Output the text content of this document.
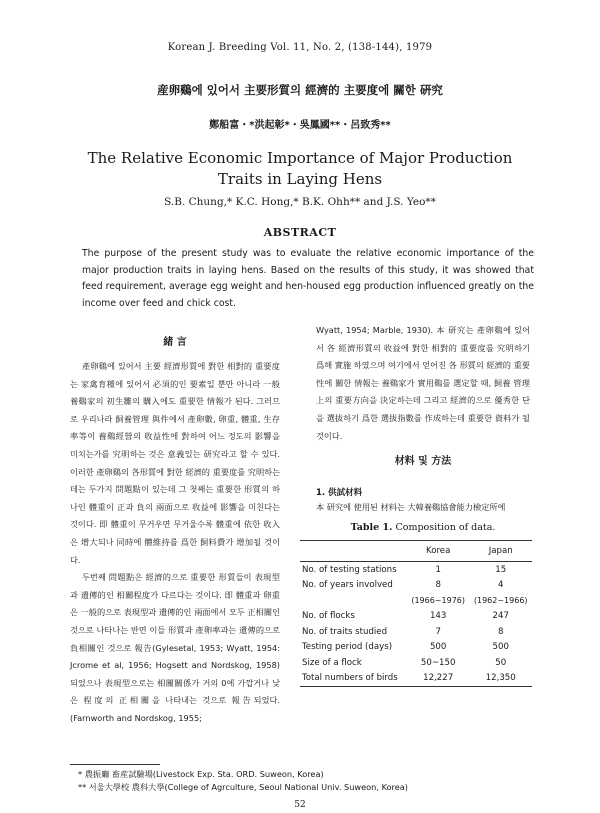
Korean J. Breeding Vol. 11, No. 2, (138-144), 1979
産卵鷄에 있어서 主要形質의 經濟的 主要度에 關한 硏究
鄭船富・*洪起彰*・吳鳳國**・呂致秀**
The Relative Economic Importance of Major Production
Traits in Laying Hens
S.B. Chung,* K.C. Hong,* B.K. Ohh** and J.S. Yeo**
ABSTRACT
The purpose of the present study was to evaluate the relative economic importance of the major production traits in laying hens. Based on the results of this study, it was showed that feed requirement, average egg weight and hen-housed egg production influenced greatly on the income over feed and chick cost.
緒 言

產卵鷄에 있어서 主要 經濟形質에 對한 相對的 重要度는 家禽育種에 있어서 必須的인 要素일 뿐만 아니라 一般養鷄家의 初生雛의 購入에도 重要한 情報가 된다. 그러므로 우리나라 飼養管理 與件에서 產卵數, 卵重, 體重, 生存率等이 養鷄經營의 收益性에 對하여 어느 정도의 影響을 미치는가를 究明하는 것은 意義있는 研究라고 할 수 있다. 이러한 產卵鷄의 各形質에 對한 經濟的 重要度를 究明하는데는 두가지 問題點이 있는데 그 첫째는 重要한 形質의 하나인 體重이 正과 負의 兩面으로 收益에 影響을 미친다는 것이다. 即 體重이 무거우면 무거울수록 體重에 依한 收入은 增大되나 同時에 體維持를 爲한 飼料費가 增加될 것이다.

두번째 問題點은 經濟的으로 重要한 形質들이 表現型과 遺傳的인 相關程度가 다르다는 것이다. 即 體重과 卵重은 一般的으로 表現型과 遺傳的인 兩面에서 모두 正相關인 것으로 나타나는 반면 이들 形質과 產卵率과는 遺傳的으로 負相關인 것으로 報告(Gylesetal, 1953; Wyatt, 1954: Jcrome et al, 1956; Hogsett and Nordskog, 1958) 되었으나 表現型으로는 相關關係가 거의 0에 가깝거나 낮은 程度의 正相關을 나타내는 것으로 報告되었다. (Farnworth and Nordskog, 1955;

Wyatt, 1954; Marble, 1930). 本 研究는 產卵鷄에 있어서 各 經濟形質의 收益에 對한 相對的 重要度를 究明하기 爲해 實施 하였으며 여기에서 얻어진 各 形質의 經濟的 重要性에 關한 情報는 養鷄家가 實用鷄를 選定할 때, 飼養 管理上의 重要方向을 決定하는데 그리고 經濟的으로 優秀한 단을 選拔하기 爲한 選拔指數를 作成하는데 重要한 資料가 될 것이다.

材料 및 方法
1. 供試材料
本 研究에 使用된 材料는 大韓養鷄協會能力檢定所에
Table 1. Composition of data.
	Korea	Japan
No. of testing stations	1	15
No. of years involved	8	4
	(1966~1976)	(1962~1966)
No. of flocks	143	247
No. of traits studied	7	8
Testing period (days)	500	500
Size of a flock	50~150	50
Total numbers of birds	12,227	12,350
* 農振廳 畜産試驗場(Livestock Exp. Sta. ORD. Suweon, Korea)
** 서울大學校 農科大學(College of Agrculture, Seoul National Univ. Suweon, Korea)
52
